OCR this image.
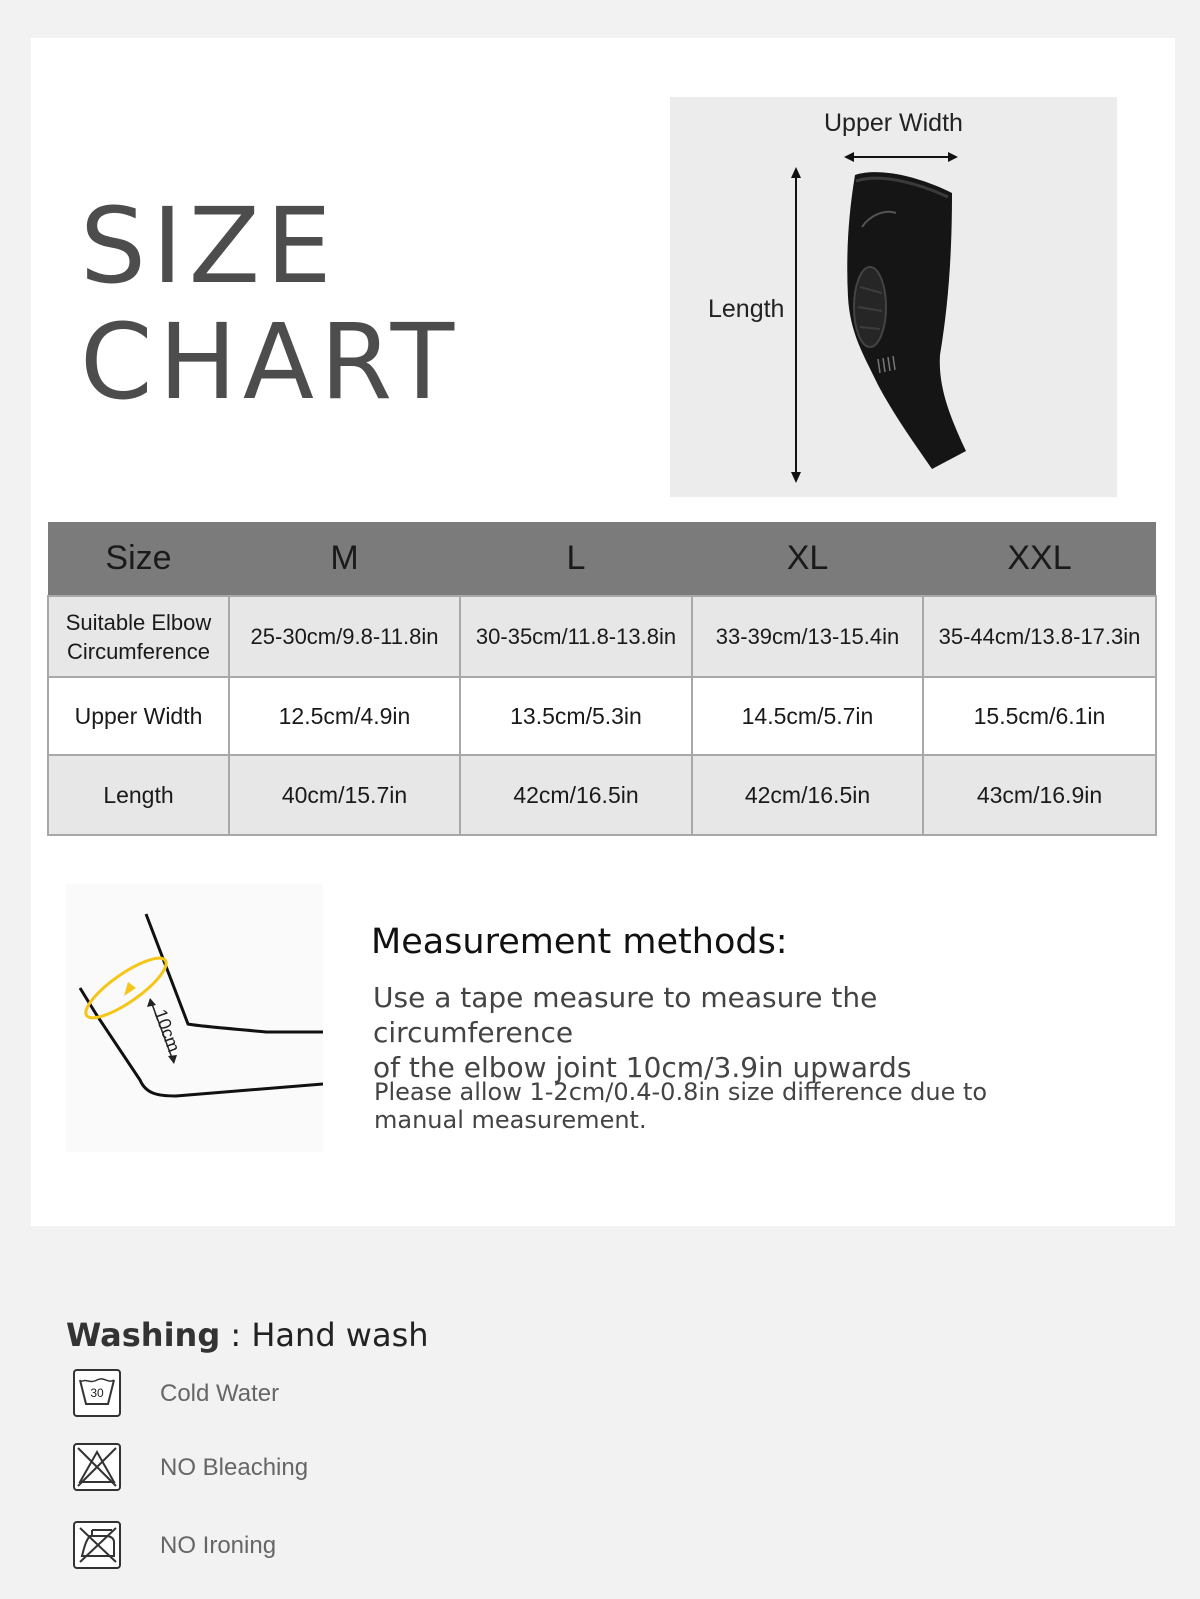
SIZE
CHART
Upper Width
Length
Size	M	L	XL	XXL
Suitable Elbow
Circumference	25-30cm/9.8-11.8in	30-35cm/11.8-13.8in	33-39cm/13-15.4in	35-44cm/13.8-17.3in
Upper Width	12.5cm/4.9in	13.5cm/5.3in	14.5cm/5.7in	15.5cm/6.1in
Length	40cm/15.7in	42cm/16.5in	42cm/16.5in	43cm/16.9in
10cm
Measurement methods:
Use a tape measure to measure the circumference
of the elbow joint 10cm/3.9in upwards
Please allow 1-2cm/0.4-0.8in size difference due to
manual measurement.
Washing : Hand wash
30 Cold Water
NO Bleaching
NO Ironing
